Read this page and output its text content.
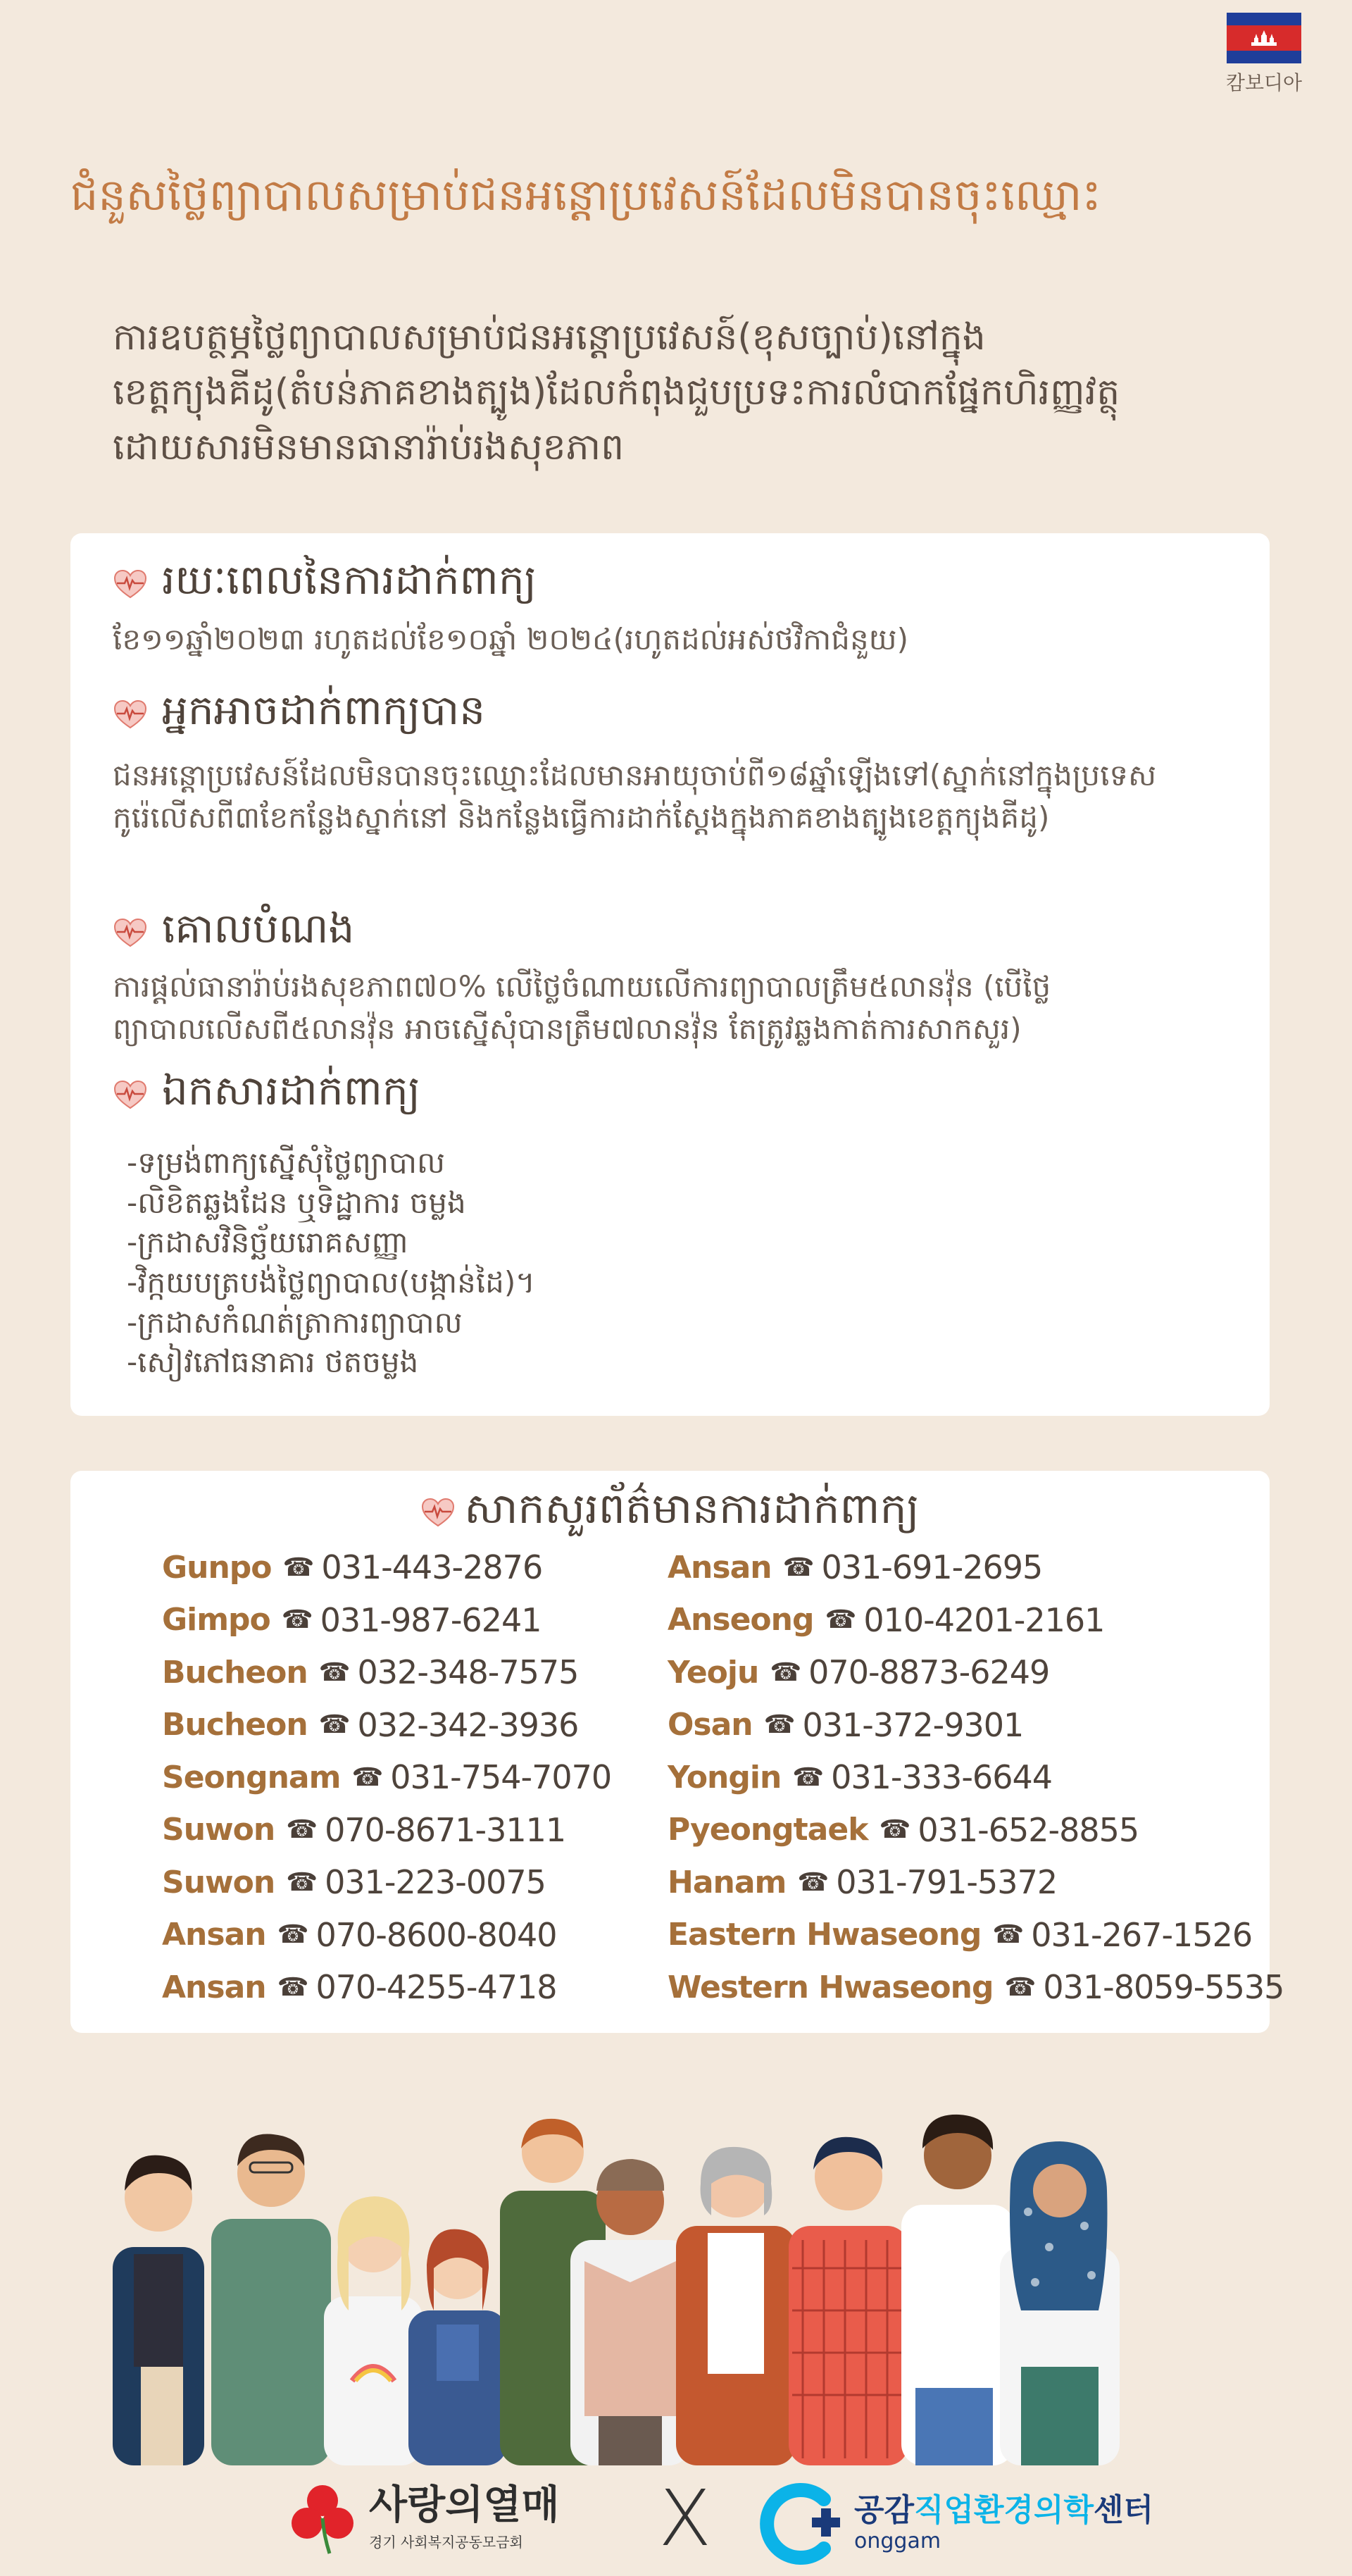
캄보디아
ជំនួសថ្លៃព្យាបាលសម្រាប់ជនអន្តោប្រវេសន៍ដែលមិនបានចុះឈ្មោះ
ការឧបត្ថម្ភថ្លៃព្យាបាលសម្រាប់ជនអន្តោប្រវេសន៍(ខុសច្បាប់)នៅក្នុងខេត្តក្យុងគីដូ(តំបន់ភាគខាងត្បូង)ដែលកំពុងជួបប្រទះការលំបាកផ្នែកហិរញ្ញវត្ថុដោយសារមិនមានធានារ៉ាប់រងសុខភាព
រយៈពេលនៃការដាក់ពាក្យ
ខែ១១ឆ្នាំ២០២៣ រហូតដល់ខែ១០ឆ្នាំ ២០២៤(រហូតដល់អស់ថវិកាជំនួយ)
អ្នកអាចដាក់ពាក្យបាន
ជនអន្តោប្រវេសន៍ដែលមិនបានចុះឈ្មោះដែលមានអាយុចាប់ពី១៨ឆ្នាំឡើងទៅ(ស្នាក់នៅក្នុងប្រទេសកូរ៉េលើសពី៣ខែកន្លែងស្នាក់នៅ និងកន្លែងធ្វើការដាក់ស្តែងក្នុងភាគខាងត្បូងខេត្តក្យុងគីដូ)
គោលបំណង
ការផ្តល់ធានារ៉ាប់រងសុខភាព៧០% លើថ្លៃចំណាយលើការព្យាបាលត្រឹម៥លានវ៉ុន (បើថ្លៃព្យាបាលលើសពី៥លានវ៉ុន អាចស្នើសុំបានត្រឹម៧លានវ៉ុន តែត្រូវឆ្លងកាត់ការសាកសួរ)
ឯកសារដាក់ពាក្យ
-ទម្រង់ពាក្យស្នើសុំថ្លៃព្យាបាល
-លិខិតឆ្លងដែន ឬទិដ្ឋាការ ចម្លង
-ក្រដាសវិនិច្ឆ័យរោគសញ្ញា
-វិក្កយបត្របង់ថ្លៃព្យាបាល(បង្កាន់ដៃ)។
-ក្រដាសកំណត់ត្រាការព្យាបាល
-សៀវភៅធនាគារ ថតចម្លង
សាកសួរព័ត៌មានការដាក់ពាក្យ
Gunpo ☎ 031-443-2876
Gimpo ☎ 031-987-6241
Bucheon ☎ 032-348-7575
Bucheon ☎ 032-342-3936
Seongnam ☎ 031-754-7070
Suwon ☎ 070-8671-3111
Suwon ☎ 031-223-0075
Ansan ☎ 070-8600-8040
Ansan ☎ 070-4255-4718
Ansan ☎ 031-691-2695
Anseong ☎ 010-4201-2161
Yeoju ☎ 070-8873-6249
Osan ☎ 031-372-9301
Yongin ☎ 031-333-6644
Pyeongtaek ☎ 031-652-8855
Hanam ☎ 031-791-5372
Eastern Hwaseong ☎ 031-267-1526
Western Hwaseong ☎ 031-8059-5535
사랑의열매
경기 사회복지공동모금회	X	공감직업환경의학센터
onggam
